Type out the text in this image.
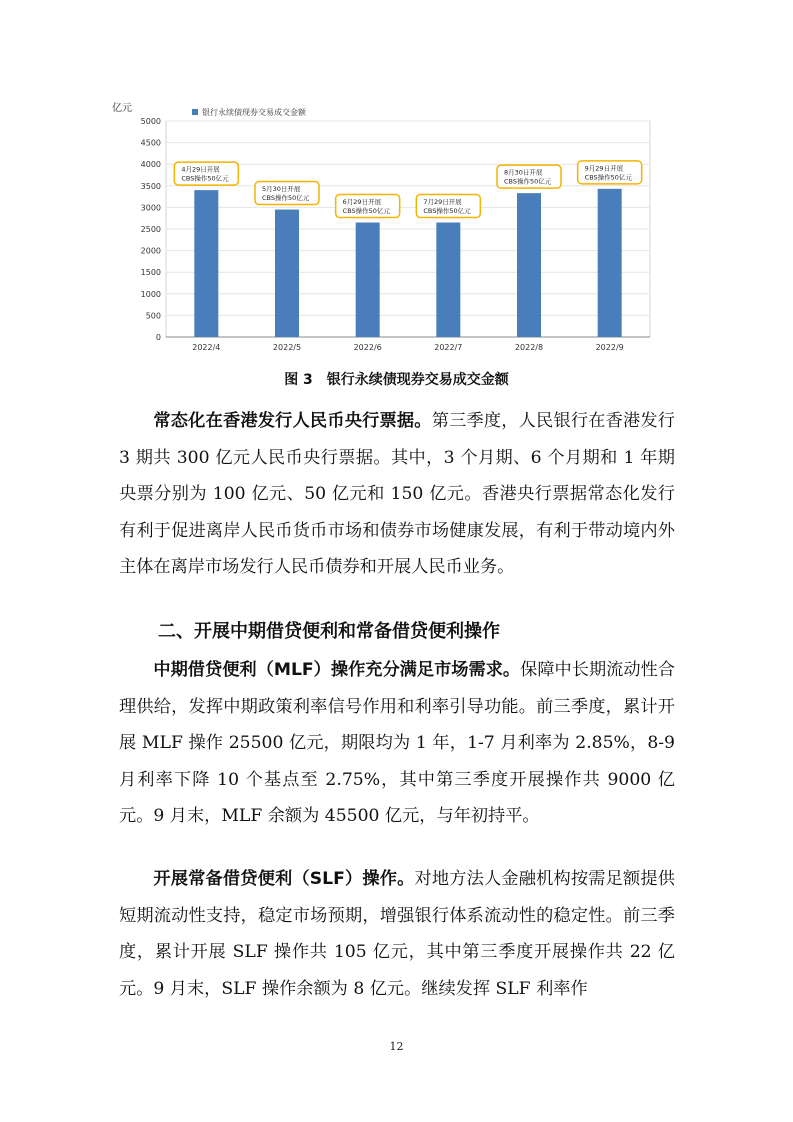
0
500
1000
1500
2000
2500
3000
3500
4000
4500
5000
亿元	银行永续债现券交易成交金额
2022/4
4月29日开展
CBS操作50亿元
2022/5
5月30日开展
CBS操作50亿元
2022/6
6月29日开展
CBS操作50亿元
2022/7
7月29日开展
CBS操作50亿元
2022/8
8月30日开展
CBS操作50亿元
2022/9
9月29日开展
CBS操作50亿元
图 3　银行永续债现券交易成交金额

常态化在香港发行人民币央行票据。第三季度，人民银行在香港发行 3 期共 300 亿元人民币央行票据。其中，3 个月期、6 个月期和 1 年期央票分别为 100 亿元、50 亿元和 150 亿元。香港央行票据常态化发行有利于促进离岸人民币货币市场和债券市场健康发展，有利于带动境内外主体在离岸市场发行人民币债券和开展人民币业务。

二、开展中期借贷便利和常备借贷便利操作

中期借贷便利（MLF）操作充分满足市场需求。保障中长期流动性合理供给，发挥中期政策利率信号作用和利率引导功能。前三季度，累计开展 MLF 操作 25500 亿元，期限均为 1 年，1-7 月利率为 2.85%，8-9 月利率下降 10 个基点至 2.75%，其中第三季度开展操作共 9000 亿元。9 月末，MLF 余额为 45500 亿元，与年初持平。

开展常备借贷便利（SLF）操作。对地方法人金融机构按需足额提供短期流动性支持，稳定市场预期，增强银行体系流动性的稳定性。前三季度，累计开展 SLF 操作共 105 亿元，其中第三季度开展操作共 22 亿元。9 月末，SLF 操作余额为 8 亿元。继续发挥 SLF 利率作

12
